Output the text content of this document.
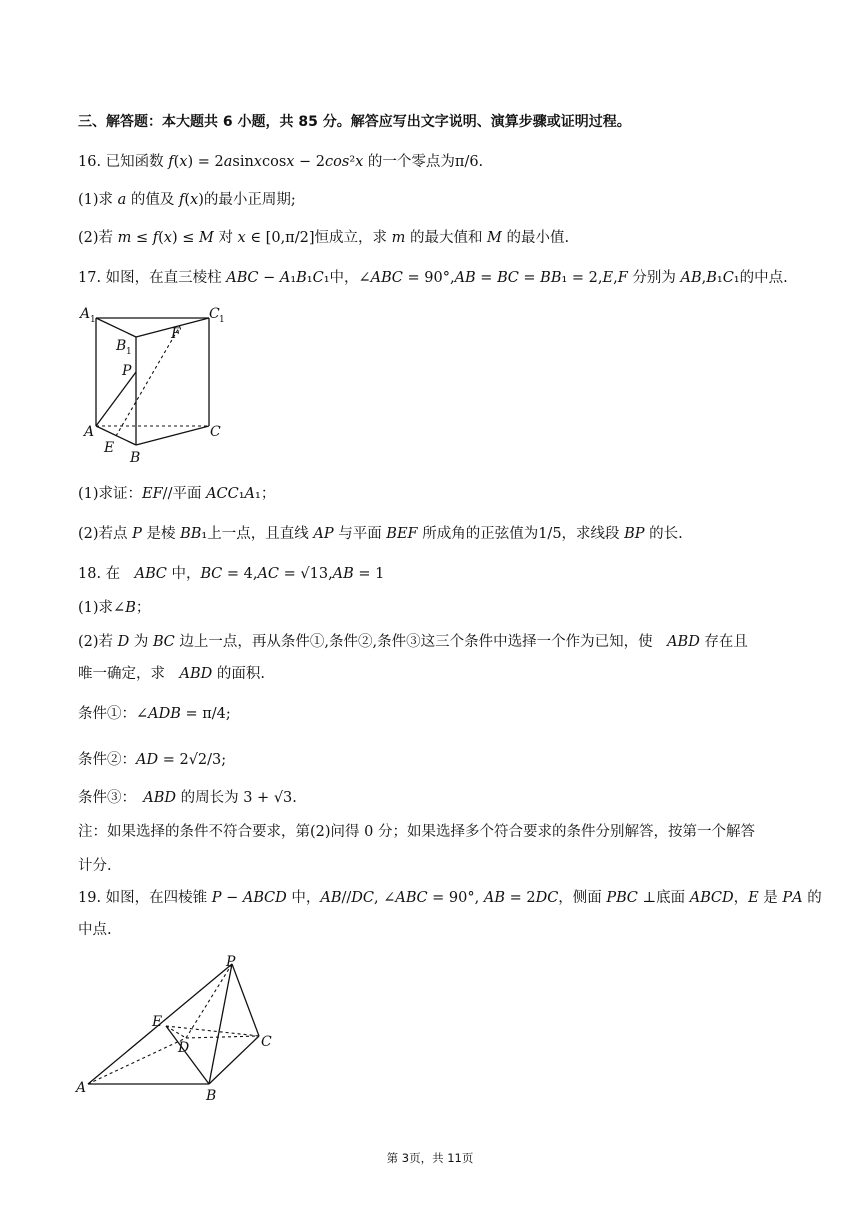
三、解答题：本大题共 6 小题，共 85 分。解答应写出文字说明、演算步骤或证明过程。
16. 已知函数 𝑓(𝑥) = 2𝑎sin𝑥cos𝑥 − 2𝑐𝑜𝑠²𝑥 的一个零点为π/6.
(1)求 𝑎 的值及 𝑓(𝑥)的最小正周期;
(2)若 𝑚 ≤ 𝑓(𝑥) ≤ 𝑀 对 𝑥 ∈ [0,π/2]恒成立，求 𝑚 的最大值和 𝑀 的最小值.
17. 如图，在直三棱柱 𝐴𝐵𝐶 − 𝐴₁𝐵₁𝐶₁中，∠𝐴𝐵𝐶 = 90°,𝐴𝐵 = 𝐵𝐶 = 𝐵𝐵₁ = 2,𝐸,𝐹 分别为 𝐴𝐵,𝐵₁𝐶₁的中点.
A 1	C 1
B 1
F
P
A	C
E
B
(1)求证：𝐸𝐹//平面 𝐴𝐶𝐶₁𝐴₁；
(2)若点 𝑃 是棱 𝐵𝐵₁上一点，且直线 𝐴𝑃 与平面 𝐵𝐸𝐹 所成角的正弦值为1/5，求线段 𝐵𝑃 的长.
18. 在　𝐴𝐵𝐶 中，𝐵𝐶 = 4,𝐴𝐶 = √13,𝐴𝐵 = 1
(1)求∠𝐵；
(2)若 𝐷 为 𝐵𝐶 边上一点，再从条件①,条件②,条件③这三个条件中选择一个作为已知，使　𝐴𝐵𝐷 存在且
唯一确定，求　𝐴𝐵𝐷 的面积.
条件①：∠𝐴𝐷𝐵 = π/4;
条件②：𝐴𝐷 = 2√2/3;
条件③：　𝐴𝐵𝐷 的周长为 3 + √3.
注：如果选择的条件不符合要求，第(2)问得 0 分；如果选择多个符合要求的条件分别解答，按第一个解答
计分.
19. 如图，在四棱锥 𝑃 − 𝐴𝐵𝐶𝐷 中，𝐴𝐵//𝐷𝐶, ∠𝐴𝐵𝐶 = 90°, 𝐴𝐵 = 2𝐷𝐶，侧面 𝑃𝐵𝐶 ⊥底面 𝐴𝐵𝐶𝐷，𝐸 是 𝑃𝐴 的
中点.
P
E
D	C
A	B
第 3页，共 11页
